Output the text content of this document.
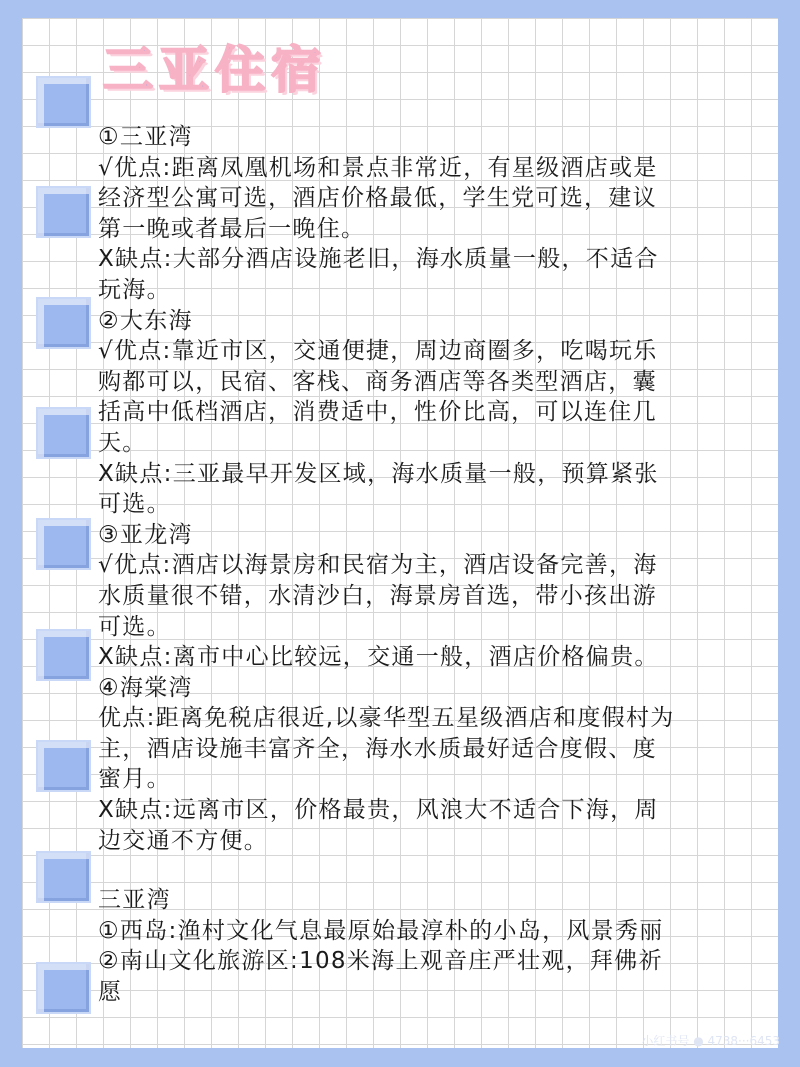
三亚住宿
①三亚湾
√优点:距离凤凰机场和景点非常近，有星级酒店或是
经济型公寓可选，酒店价格最低，学生党可选，建议
第一晚或者最后一晚住。
X缺点:大部分酒店设施老旧，海水质量一般，不适合
玩海。
②大东海
√优点:靠近市区，交通便捷，周边商圈多，吃喝玩乐
购都可以，民宿、客栈、商务酒店等各类型酒店，囊
括高中低档酒店，消费适中，性价比高，可以连住几
天。
X缺点:三亚最早开发区域，海水质量一般，预算紧张
可选。
③亚龙湾
√优点:酒店以海景房和民宿为主，酒店设备完善，海
水质量很不错，水清沙白，海景房首选，带小孩出游
可选。
X缺点:离市中心比较远，交通一般，酒店价格偏贵。
④海棠湾
优点:距离免税店很近,以豪华型五星级酒店和度假村为
主，酒店设施丰富齐全，海水水质最好适合度假、度
蜜月。
X缺点:远离市区，价格最贵，风浪大不适合下海，周
边交通不方便。
三亚湾
①西岛:渔村文化气息最原始最淳朴的小岛，风景秀丽
②南山文化旅游区:108米海上观音庄严壮观，拜佛祈
愿
小红书号 ● 4738···6453
